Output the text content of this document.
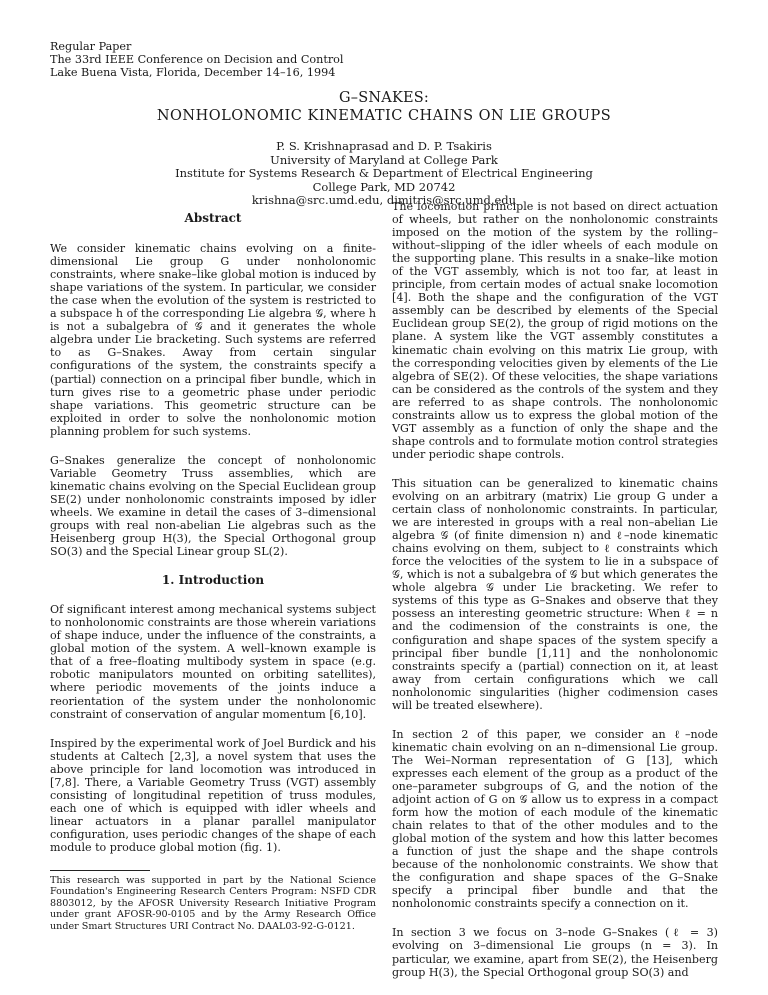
Regular Paper
The 33rd IEEE Conference on Decision and Control
Lake Buena Vista, Florida, December 14–16, 1994
G–SNAKES:
NONHOLONOMIC KINEMATIC CHAINS ON LIE GROUPS
P. S. Krishnaprasad and D. P. Tsakiris
University of Maryland at College Park
Institute for Systems Research & Department of Electrical Engineering
College Park, MD 20742
krishna@src.umd.edu, dimitris@src.umd.edu
Abstract

We consider kinematic chains evolving on a finite-dimensional Lie group G under nonholonomic constraints, where snake–like global motion is induced by shape variations of the system. In particular, we consider the case when the evolution of the system is restricted to a subspace h of the corresponding Lie algebra 𝒢, where h is not a subalgebra of 𝒢 and it generates the whole algebra under Lie bracketing. Such systems are referred to as G–Snakes. Away from certain singular configurations of the system, the constraints specify a (partial) connection on a principal fiber bundle, which in turn gives rise to a geometric phase under periodic shape variations. This geometric structure can be exploited in order to solve the nonholonomic motion planning problem for such systems.

G–Snakes generalize the concept of nonholonomic Variable Geometry Truss assemblies, which are kinematic chains evolving on the Special Euclidean group SE(2) under nonholonomic constraints imposed by idler wheels. We examine in detail the cases of 3–dimensional groups with real non-abelian Lie algebras such as the Heisenberg group H(3), the Special Orthogonal group SO(3) and the Special Linear group SL(2).

1. Introduction

Of significant interest among mechanical systems subject to nonholonomic constraints are those wherein variations of shape induce, under the influence of the constraints, a global motion of the system. A well–known example is that of a free–floating multibody system in space (e.g. robotic manipulators mounted on orbiting satellites), where periodic movements of the joints induce a reorientation of the system under the nonholonomic constraint of conservation of angular momentum [6,10].

Inspired by the experimental work of Joel Burdick and his students at Caltech [2,3], a novel system that uses the above principle for land locomotion was introduced in [7,8]. There, a Variable Geometry Truss (VGT) assembly consisting of longitudinal repetition of truss modules, each one of which is equipped with idler wheels and linear actuators in a planar parallel manipulator configuration, uses periodic changes of the shape of each module to produce global motion (fig. 1).

This research was supported in part by the National Science Foundation's Engineering Research Centers Program: NSFD CDR 8803012, by the AFOSR University Research Initiative Program under grant AFOSR-90-0105 and by the Army Research Office under Smart Structures URI Contract No. DAAL03-92-G-0121.

The locomotion principle is not based on direct actuation of wheels, but rather on the nonholonomic constraints imposed on the motion of the system by the rolling–without–slipping of the idler wheels of each module on the supporting plane. This results in a snake–like motion of the VGT assembly, which is not too far, at least in principle, from certain modes of actual snake locomotion [4]. Both the shape and the configuration of the VGT assembly can be described by elements of the Special Euclidean group SE(2), the group of rigid motions on the plane. A system like the VGT assembly constitutes a kinematic chain evolving on this matrix Lie group, with the corresponding velocities given by elements of the Lie algebra of SE(2). Of these velocities, the shape variations can be considered as the controls of the system and they are referred to as shape controls. The nonholonomic constraints allow us to express the global motion of the VGT assembly as a function of only the shape and the shape controls and to formulate motion control strategies under periodic shape controls.

This situation can be generalized to kinematic chains evolving on an arbitrary (matrix) Lie group G under a certain class of nonholonomic constraints. In particular, we are interested in groups with a real non–abelian Lie algebra 𝒢 (of finite dimension n) and ℓ–node kinematic chains evolving on them, subject to ℓ constraints which force the velocities of the system to lie in a subspace of 𝒢, which is not a subalgebra of 𝒢 but which generates the whole algebra 𝒢 under Lie bracketing. We refer to systems of this type as G–Snakes and observe that they possess an interesting geometric structure: When ℓ = n and the codimension of the constraints is one, the configuration and shape spaces of the system specify a principal fiber bundle [1,11] and the nonholonomic constraints specify a (partial) connection on it, at least away from certain configurations which we call nonholonomic singularities (higher codimension cases will be treated elsewhere).

In section 2 of this paper, we consider an ℓ–node kinematic chain evolving on an n–dimensional Lie group. The Wei–Norman representation of G [13], which expresses each element of the group as a product of the one–parameter subgroups of G, and the notion of the adjoint action of G on 𝒢 allow us to express in a compact form how the motion of each module of the kinematic chain relates to that of the other modules and to the global motion of the system and how this latter becomes a function of just the shape and the shape controls because of the nonholonomic constraints. We show that the configuration and shape spaces of the G–Snake specify a principal fiber bundle and that the nonholonomic constraints specify a connection on it.

In section 3 we focus on 3–node G–Snakes (ℓ = 3) evolving on 3–dimensional Lie groups (n = 3). In particular, we examine, apart from SE(2), the Heisenberg group H(3), the Special Orthogonal group SO(3) and
